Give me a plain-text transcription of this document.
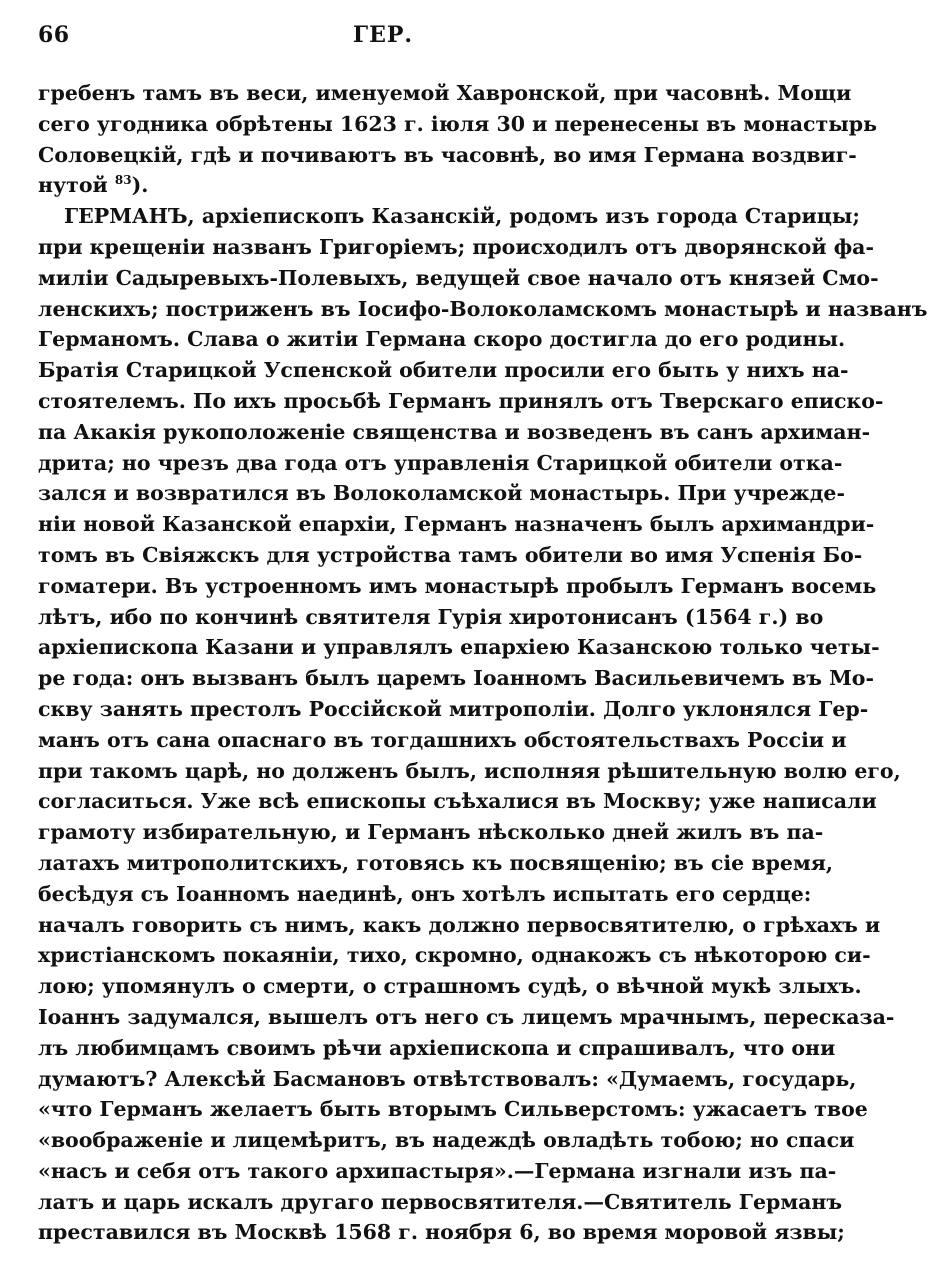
66	ГЕР.
гребенъ тамъ въ веси, именуемой Хавронской, при часовнѣ. Мощи
сего угодника обрѣтены 1623 г. іюля 30 и перенесены въ монастырь
Соловецкій, гдѣ и почиваютъ въ часовнѣ, во имя Германа воздвиг-
нутой $^{83}$).
ГЕРМАНЪ, архіепископъ Казанскій, родомъ изъ города Старицы;
при крещеніи названъ Григоріемъ; происходилъ отъ дворянской фа-
миліи Садыревыхъ-Полевыхъ, ведущей свое начало отъ князей Смо-
ленскихъ; постриженъ въ Іосифо-Волоколамскомъ монастырѣ и названъ
Германомъ. Слава о житіи Германа скоро достигла до его родины.
Братія Старицкой Успенской обители просили его быть у нихъ на-
стоятелемъ. По ихъ просьбѣ Германъ принялъ отъ Тверскаго еписко-
па Акакія рукоположеніе священства и возведенъ въ санъ архиман-
дрита; но чрезъ два года отъ управленія Старицкой обители отка-
зался и возвратился въ Волоколамской монастырь. При учрежде-
ніи новой Казанской епархіи, Германъ назначенъ былъ архимандри-
томъ въ Свіяжскъ для устройства тамъ обители во имя Успенія Бо-
гоматери. Въ устроенномъ имъ монастырѣ пробылъ Германъ восемь
лѣтъ, ибо по кончинѣ святителя Гурія хиротонисанъ (1564 г.) во
архіепископа Казани и управлялъ епархіею Казанскою только четы-
ре года: онъ вызванъ былъ царемъ Іоанномъ Васильевичемъ въ Мо-
скву занять престолъ Россійской митрополіи. Долго уклонялся Гер-
манъ отъ сана опаснаго въ тогдашнихъ обстоятельствахъ Россіи и
при такомъ царѣ, но долженъ былъ, исполняя рѣшительную волю его,
согласиться. Уже всѣ епископы съѣхалися въ Москву; уже написали
грамоту избирательную, и Германъ нѣсколько дней жилъ въ па-
латахъ митрополитскихъ, готовясь къ посвященію; въ сіе время,
бесѣдуя съ Іоанномъ наединѣ, онъ хотѣлъ испытать его сердце:
началъ говорить съ нимъ, какъ должно первосвятителю, о грѣхахъ и
христіанскомъ покаяніи, тихо, скромно, однакожъ съ нѣкоторою си-
лою; упомянулъ о смерти, о страшномъ судѣ, о вѣчной мукѣ злыхъ.
Іоаннъ задумался, вышелъ отъ него съ лицемъ мрачнымъ, пересказа-
лъ любимцамъ своимъ рѣчи архіепископа и спрашивалъ, что они
думаютъ? Алексѣй Басмановъ отвѣтствовалъ: «Думаемъ, государь,
«что Германъ желаетъ быть вторымъ Сильверстомъ: ужасаетъ твое
«воображеніе и лицемѣритъ, въ надеждѣ овладѣть тобою; но спаси
«насъ и себя отъ такого архипастыря».—Германа изгнали изъ па-
латъ и царь искалъ другаго первосвятителя.—Святитель Германъ
преставился въ Москвѣ 1568 г. ноября 6, во время моровой язвы;
